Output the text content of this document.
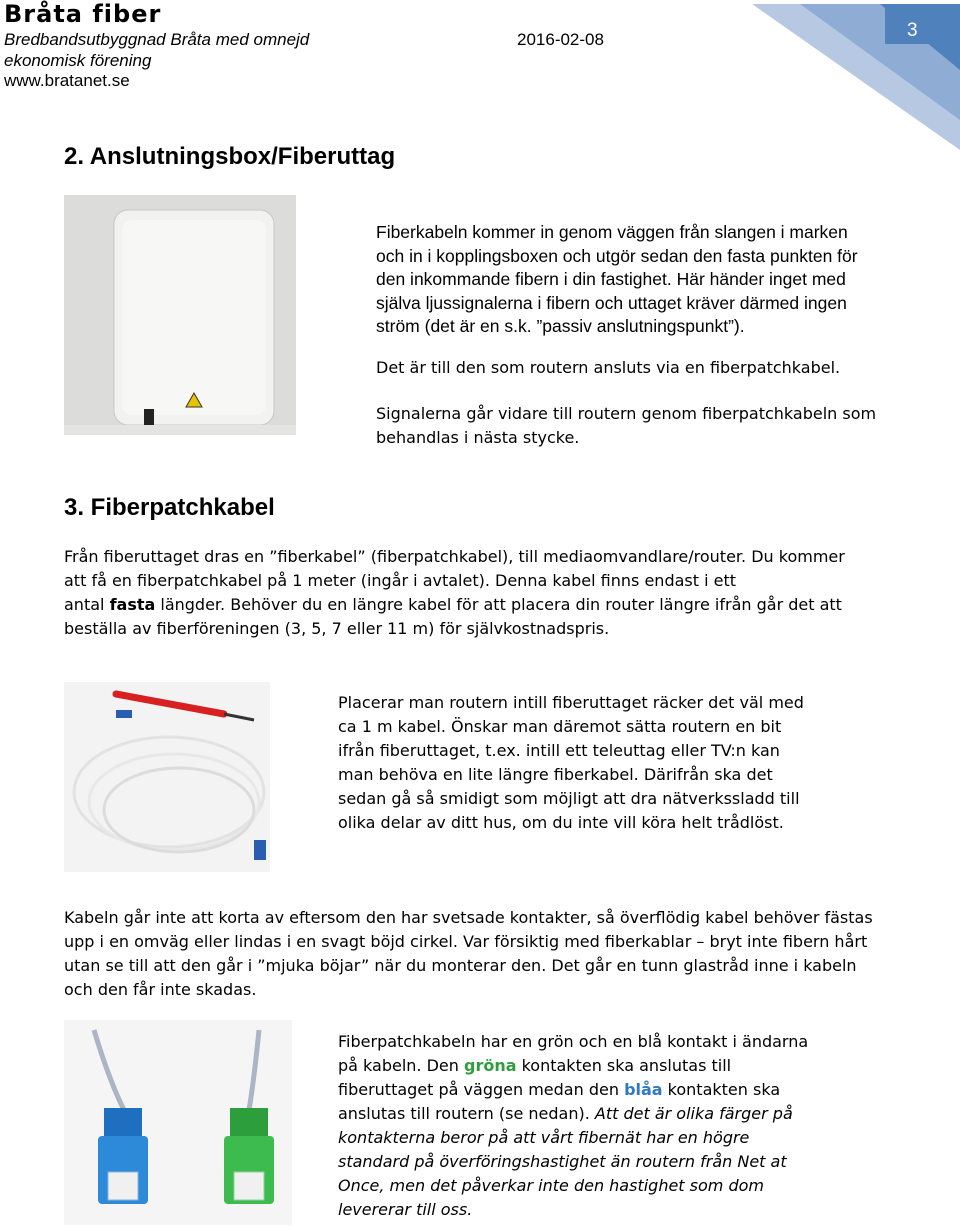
Bråta fiber
Bredbandsutbyggnad Bråta med omnejd
ekonomisk förening
2016-02-08
www.bratanet.se
3
2. Anslutningsbox/Fiberuttag
Fiberkabeln kommer in genom väggen från slangen i marken
och in i kopplingsboxen och utgör sedan den fasta punkten för
den inkommande fibern i din fastighet. Här händer inget med
själva ljussignalerna i fibern och uttaget kräver därmed ingen
ström (det är en s.k. ”passiv anslutningspunkt”).
Det är till den som routern ansluts via en fiberpatchkabel.
Signalerna går vidare till routern genom fiberpatchkabeln som
behandlas i nästa stycke.
3. Fiberpatchkabel
Från fiberuttaget dras en ”fiberkabel” (fiberpatchkabel), till mediaomvandlare/router. Du kommer
att få en fiberpatchkabel på 1 meter (ingår i avtalet). Denna kabel finns endast i ett
antal fasta längder. Behöver du en längre kabel för att placera din router längre ifrån går det att
beställa av fiberföreningen (3, 5, 7 eller 11 m) för självkostnadspris.
Placerar man routern intill fiberuttaget räcker det väl med
ca 1 m kabel. Önskar man däremot sätta routern en bit
ifrån fiberuttaget, t.ex. intill ett teleuttag eller TV:n kan
man behöva en lite längre fiberkabel. Därifrån ska det
sedan gå så smidigt som möjligt att dra nätverkssladd till
olika delar av ditt hus, om du inte vill köra helt trådlöst.
Kabeln går inte att korta av eftersom den har svetsade kontakter, så överflödig kabel behöver fästas
upp i en omväg eller lindas i en svagt böjd cirkel. Var försiktig med fiberkablar – bryt inte fibern hårt
utan se till att den går i ”mjuka böjar” när du monterar den. Det går en tunn glastråd inne i kabeln
och den får inte skadas.
Fiberpatchkabeln har en grön och en blå kontakt i ändarna
på kabeln. Den gröna kontakten ska anslutas till
fiberuttaget på väggen medan den blåa kontakten ska
anslutas till routern (se nedan). Att det är olika färger på
kontakterna beror på att vårt fibernät har en högre
standard på överföringshastighet än routern från Net at
Once, men det påverkar inte den hastighet som dom
levererar till oss.
